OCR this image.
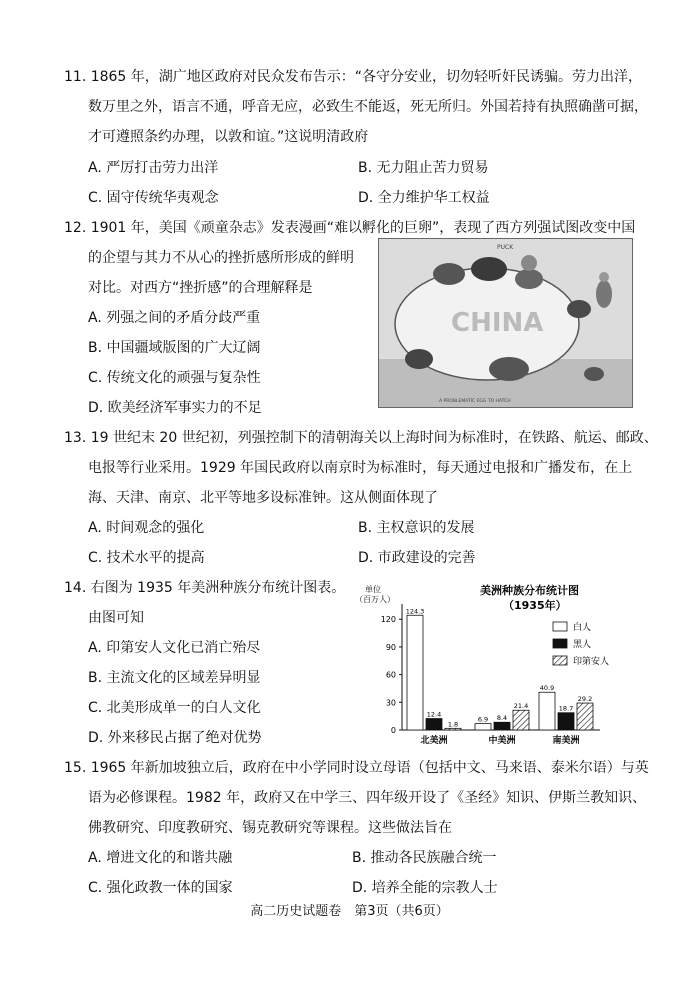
11. 1865 年，湖广地区政府对民众发布告示：“各守分安业，切勿轻听奸民诱骗。劳力出洋，
数万里之外，语言不通，呼音无应，必致生不能返，死无所归。外国若持有执照确凿可据，
才可遵照条约办理，以敦和谊。”这说明清政府
A. 严厉打击劳力出洋	B. 无力阻止苦力贸易
C. 固守传统华夷观念	D. 全力维护华工权益
12. 1901 年，美国《顽童杂志》发表漫画“难以孵化的巨卵”，表现了西方列强试图改变中国
的企望与其力不从心的挫折感所形成的鲜明
对比。对西方“挫折感”的合理解释是
A. 列强之间的矛盾分歧严重
B. 中国疆域版图的广大辽阔
C. 传统文化的顽强与复杂性
D. 欧美经济军事实力的不足
PUCK
CHINA
A PROBLEMATIC EGG TO HATCH
13. 19 世纪末 20 世纪初，列强控制下的清朝海关以上海时间为标准时，在铁路、航运、邮政、
电报等行业采用。1929 年国民政府以南京时为标准时，每天通过电报和广播发布，在上
海、天津、南京、北平等地多设标准钟。这从侧面体现了
A. 时间观念的强化	B. 主权意识的发展
C. 技术水平的提高	D. 市政建设的完善
14. 右图为 1935 年美洲种族分布统计图表。
由图可知
A. 印第安人文化已消亡殆尽
B. 主流文化的区域差异明显
C. 北美形成单一的白人文化
D. 外来移民占据了绝对优势
美洲种族分布统计图
（1935年）
单位
（百万人）
0
30
60
90
120
124.3
12.4
1.8
北美洲
6.9 8.4
21.4
中美洲
40.9
18.7
29.2
南美洲
白人
黑人
印第安人
15. 1965 年新加坡独立后，政府在中小学同时设立母语（包括中文、马来语、泰米尔语）与英
语为必修课程。1982 年，政府又在中学三、四年级开设了《圣经》知识、伊斯兰教知识、
佛教研究、印度教研究、锡克教研究等课程。这些做法旨在
A. 增进文化的和谐共融	B. 推动各民族融合统一
C. 强化政教一体的国家	D. 培养全能的宗教人士
高二历史试题卷　第3页（共6页）
